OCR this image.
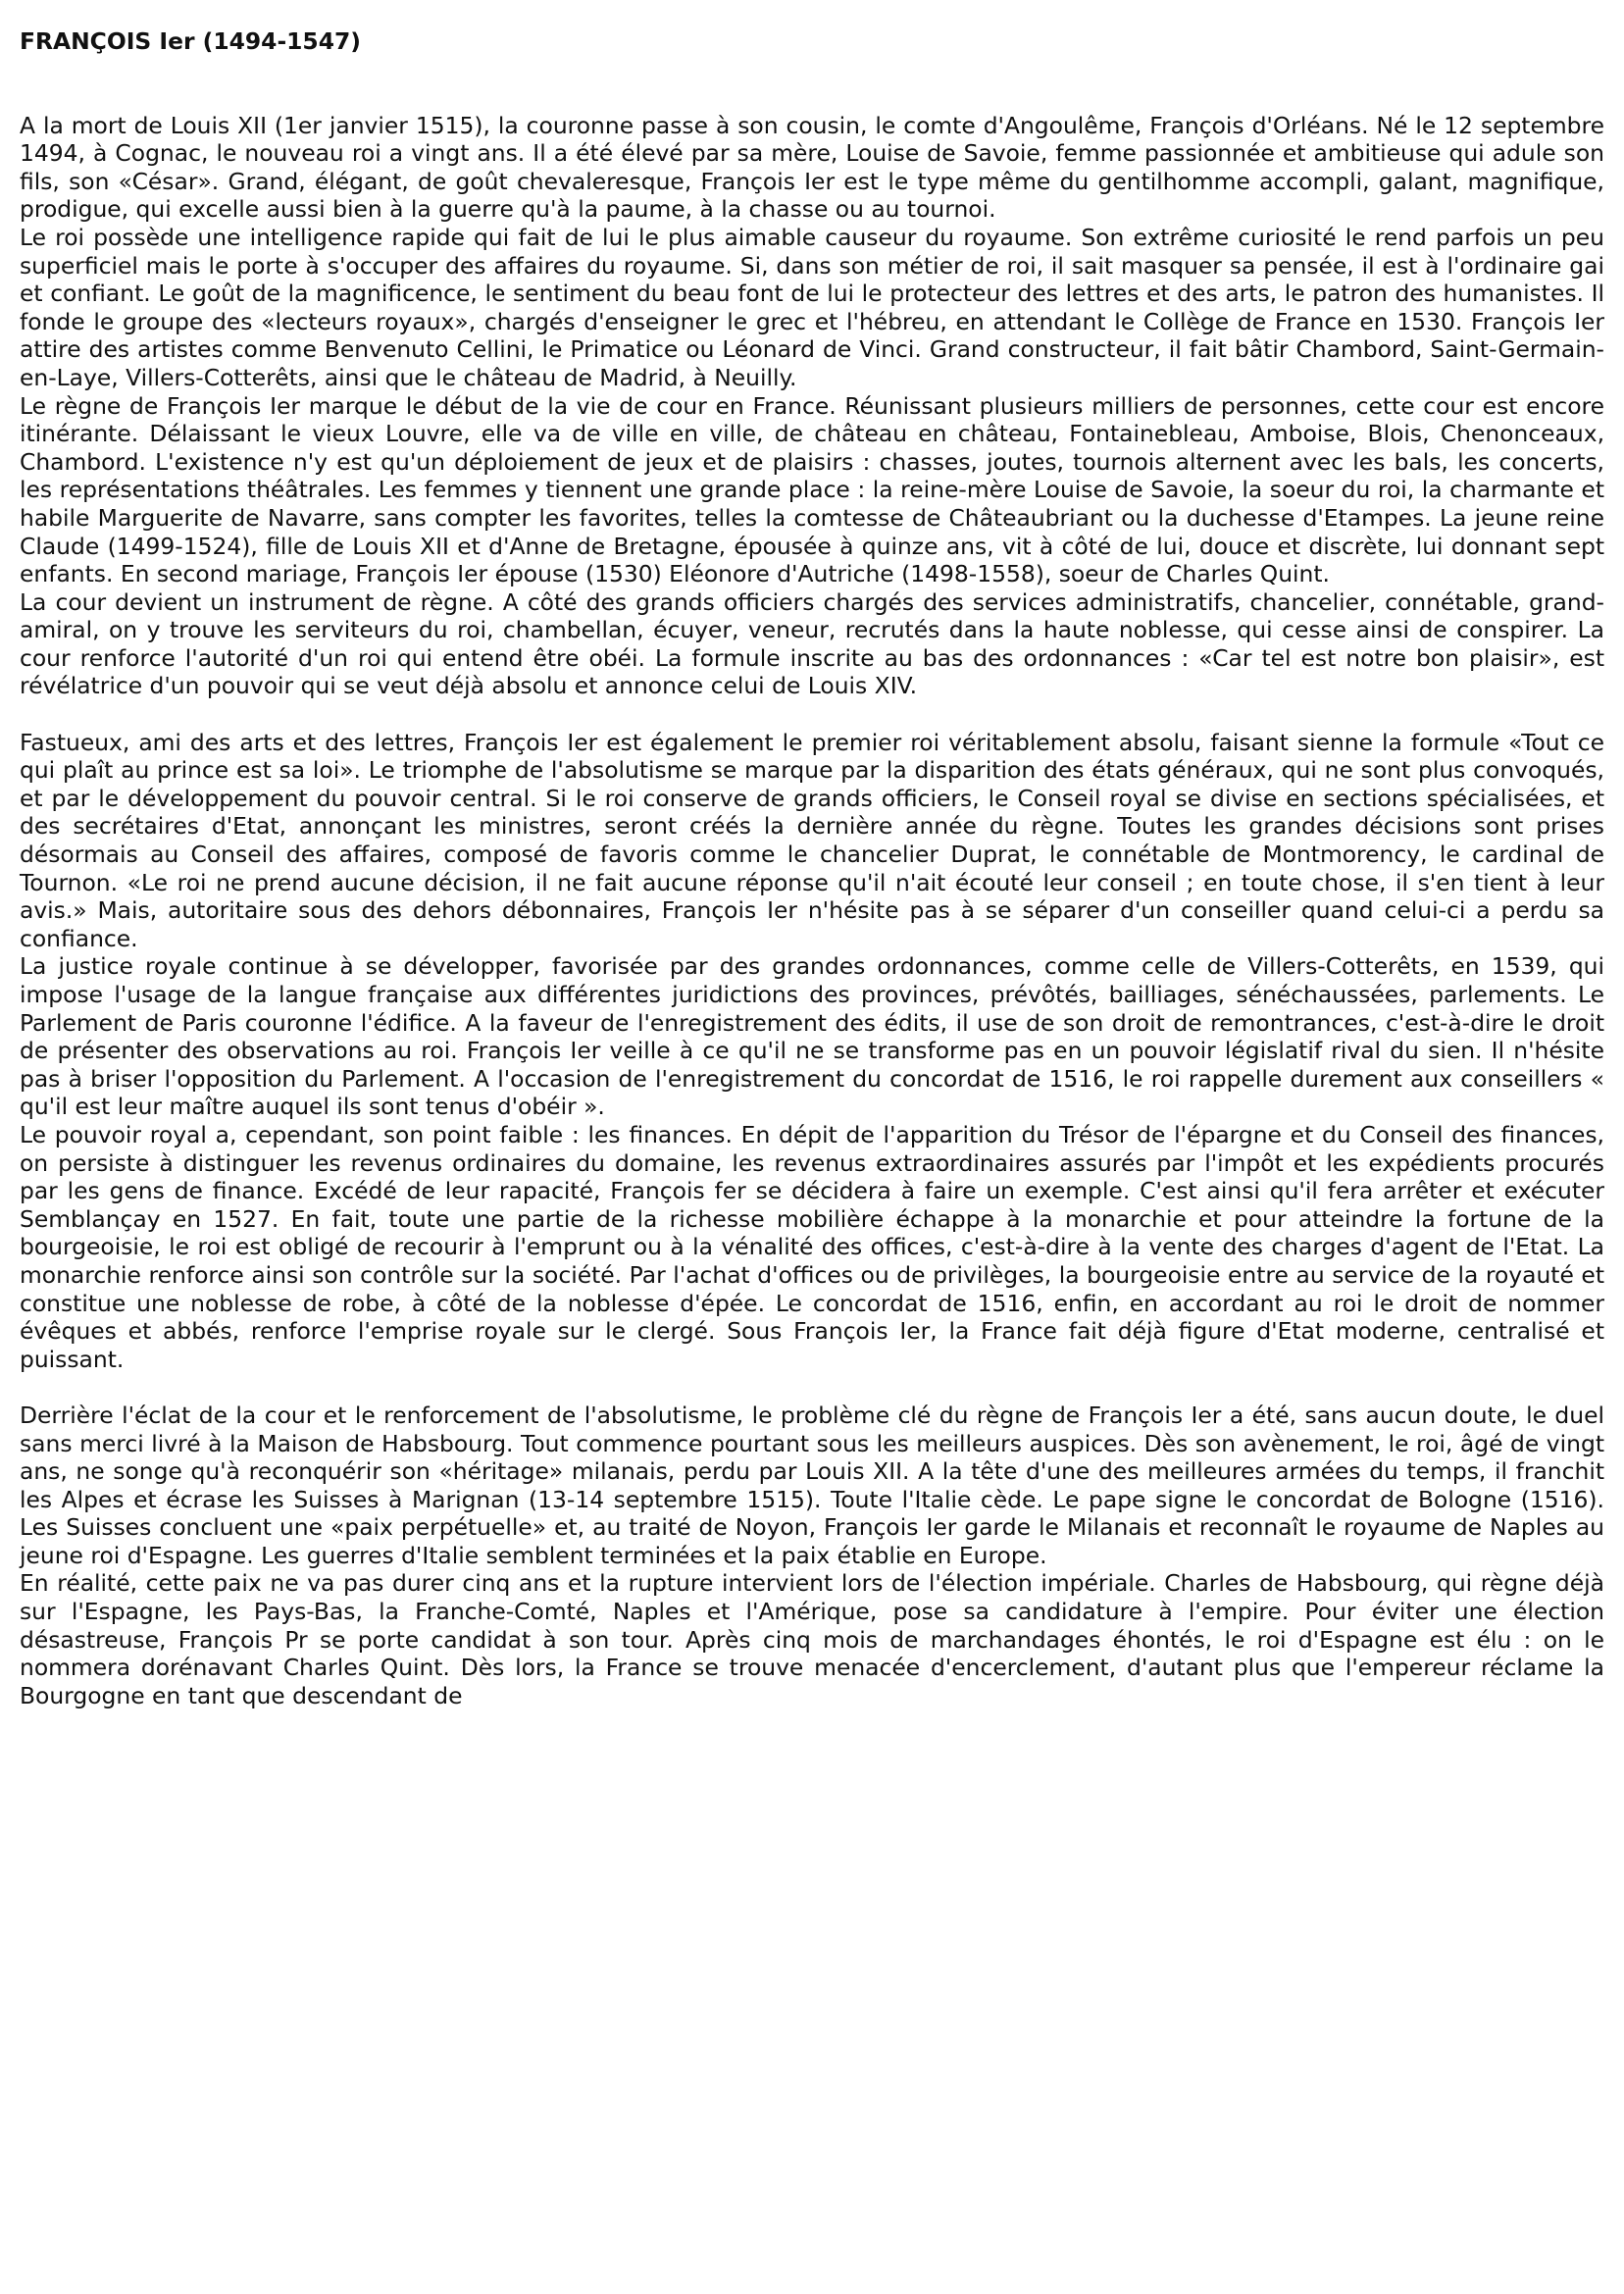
FRANÇOIS Ier (1494-1547)

A la mort de Louis XII (1er janvier 1515), la couronne passe à son cousin, le comte d'Angoulême, François d'Orléans. Né le 12 septembre 1494, à Cognac, le nouveau roi a vingt ans. Il a été élevé par sa mère, Louise de Savoie, femme passionnée et ambitieuse qui adule son fils, son «César». Grand, élégant, de goût chevaleresque, François Ier est le type même du gentilhomme accompli, galant, magnifique, prodigue, qui excelle aussi bien à la guerre qu'à la paume, à la chasse ou au tournoi.

Le roi possède une intelligence rapide qui fait de lui le plus aimable causeur du royaume. Son extrême curiosité le rend parfois un peu superficiel mais le porte à s'occuper des affaires du royaume. Si, dans son métier de roi, il sait masquer sa pensée, il est à l'ordinaire gai et confiant. Le goût de la magnificence, le sentiment du beau font de lui le protecteur des lettres et des arts, le patron des humanistes. Il fonde le groupe des «lecteurs royaux», chargés d'enseigner le grec et l'hébreu, en attendant le Collège de France en 1530. François Ier attire des artistes comme Benvenuto Cellini, le Primatice ou Léonard de Vinci. Grand constructeur, il fait bâtir Chambord, Saint-Germain-en-Laye, Villers-Cotterêts, ainsi que le château de Madrid, à Neuilly.

Le règne de François Ier marque le début de la vie de cour en France. Réunissant plusieurs milliers de personnes, cette cour est encore itinérante. Délaissant le vieux Louvre, elle va de ville en ville, de château en château, Fontainebleau, Amboise, Blois, Chenonceaux, Chambord. L'existence n'y est qu'un déploiement de jeux et de plaisirs : chasses, joutes, tournois alternent avec les bals, les concerts, les représentations théâtrales. Les femmes y tiennent une grande place : la reine-mère Louise de Savoie, la soeur du roi, la charmante et habile Marguerite de Navarre, sans compter les favorites, telles la comtesse de Châteaubriant ou la duchesse d'Etampes. La jeune reine Claude (1499-1524), fille de Louis XII et d'Anne de Bretagne, épousée à quinze ans, vit à côté de lui, douce et discrète, lui donnant sept enfants. En second mariage, François Ier épouse (1530) Eléonore d'Autriche (1498-1558), soeur de Charles Quint.

La cour devient un instrument de règne. A côté des grands officiers chargés des services administratifs, chancelier, connétable, grand-amiral, on y trouve les serviteurs du roi, chambellan, écuyer, veneur, recrutés dans la haute noblesse, qui cesse ainsi de conspirer. La cour renforce l'autorité d'un roi qui entend être obéi. La formule inscrite au bas des ordonnances : «Car tel est notre bon plaisir», est révélatrice d'un pouvoir qui se veut déjà absolu et annonce celui de Louis XIV.

Fastueux, ami des arts et des lettres, François Ier est également le premier roi véritablement absolu, faisant sienne la formule «Tout ce qui plaît au prince est sa loi». Le triomphe de l'absolutisme se marque par la disparition des états généraux, qui ne sont plus convoqués, et par le développement du pouvoir central. Si le roi conserve de grands officiers, le Conseil royal se divise en sections spécialisées, et des secrétaires d'Etat, annonçant les ministres, seront créés la dernière année du règne. Toutes les grandes décisions sont prises désormais au Conseil des affaires, composé de favoris comme le chancelier Duprat, le connétable de Montmorency, le cardinal de Tournon. «Le roi ne prend aucune décision, il ne fait aucune réponse qu'il n'ait écouté leur conseil ; en toute chose, il s'en tient à leur avis.» Mais, autoritaire sous des dehors débonnaires, François Ier n'hésite pas à se séparer d'un conseiller quand celui-ci a perdu sa confiance.

La justice royale continue à se développer, favorisée par des grandes ordonnances, comme celle de Villers-Cotterêts, en 1539, qui impose l'usage de la langue française aux différentes juridictions des provinces, prévôtés, bailliages, sénéchaussées, parlements. Le Parlement de Paris couronne l'édifice. A la faveur de l'enregistrement des édits, il use de son droit de remontrances, c'est-à-dire le droit de présenter des observations au roi. François Ier veille à ce qu'il ne se transforme pas en un pouvoir législatif rival du sien. Il n'hésite pas à briser l'opposition du Parlement. A l'occasion de l'enregistrement du concordat de 1516, le roi rappelle durement aux conseillers « qu'il est leur maître auquel ils sont tenus d'obéir ».

Le pouvoir royal a, cependant, son point faible : les finances. En dépit de l'apparition du Trésor de l'épargne et du Conseil des finances, on persiste à distinguer les revenus ordinaires du domaine, les revenus extraordinaires assurés par l'impôt et les expédients procurés par les gens de finance. Excédé de leur rapacité, François fer se décidera à faire un exemple. C'est ainsi qu'il fera arrêter et exécuter Semblançay en 1527. En fait, toute une partie de la richesse mobilière échappe à la monarchie et pour atteindre la fortune de la bourgeoisie, le roi est obligé de recourir à l'emprunt ou à la vénalité des offices, c'est-à-dire à la vente des charges d'agent de l'Etat. La monarchie renforce ainsi son contrôle sur la société. Par l'achat d'offices ou de privilèges, la bourgeoisie entre au service de la royauté et constitue une noblesse de robe, à côté de la noblesse d'épée. Le concordat de 1516, enfin, en accordant au roi le droit de nommer évêques et abbés, renforce l'emprise royale sur le clergé. Sous François Ier, la France fait déjà figure d'Etat moderne, centralisé et puissant.

Derrière l'éclat de la cour et le renforcement de l'absolutisme, le problème clé du règne de François Ier a été, sans aucun doute, le duel sans merci livré à la Maison de Habsbourg. Tout commence pourtant sous les meilleurs auspices. Dès son avènement, le roi, âgé de vingt ans, ne songe qu'à reconquérir son «héritage» milanais, perdu par Louis XII. A la tête d'une des meilleures armées du temps, il franchit les Alpes et écrase les Suisses à Marignan (13-14 septembre 1515). Toute l'Italie cède. Le pape signe le concordat de Bologne (1516). Les Suisses concluent une «paix perpétuelle» et, au traité de Noyon, François Ier garde le Milanais et reconnaît le royaume de Naples au jeune roi d'Espagne. Les guerres d'Italie semblent terminées et la paix établie en Europe.

En réalité, cette paix ne va pas durer cinq ans et la rupture intervient lors de l'élection impériale. Charles de Habsbourg, qui règne déjà sur l'Espagne, les Pays-Bas, la Franche-Comté, Naples et l'Amérique, pose sa candidature à l'empire. Pour éviter une élection désastreuse, François Pr se porte candidat à son tour. Après cinq mois de marchandages éhontés, le roi d'Espagne est élu : on le nommera dorénavant Charles Quint. Dès lors, la France se trouve menacée d'encerclement, d'autant plus que l'empereur réclame la Bourgogne en tant que descendant de
